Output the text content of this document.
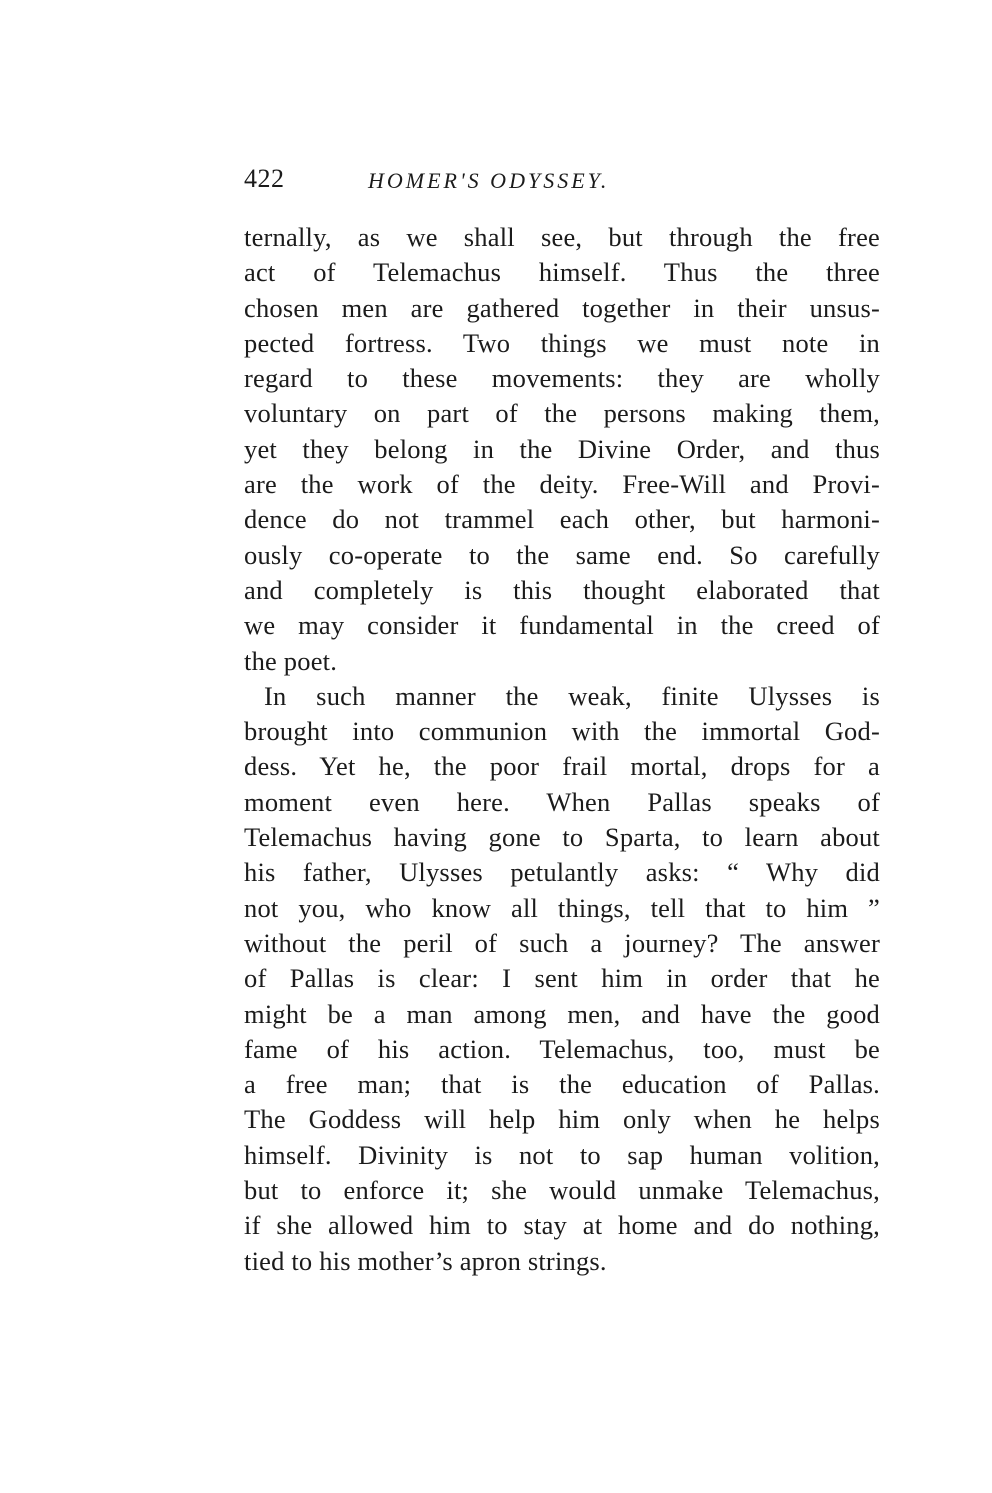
422	HOMER'S ODYSSEY.
ternally, as we shall see, but through the free
act of Telemachus himself. Thus the three
chosen men are gathered together in their unsus-
pected fortress. Two things we must note in
regard to these movements: they are wholly
voluntary on part of the persons making them,
yet they belong in the Divine Order, and thus
are the work of the deity. Free-Will and Provi-
dence do not trammel each other, but harmoni-
ously co-operate to the same end. So carefully
and completely is this thought elaborated that
we may consider it fundamental in the creed of
the poet.
In such manner the weak, finite Ulysses is
brought into communion with the immortal God-
dess. Yet he, the poor frail mortal, drops for a
moment even here. When Pallas speaks of
Telemachus having gone to Sparta, to learn about
his father, Ulysses petulantly asks: “ Why did
not you, who know all things, tell that to him ”
without the peril of such a journey? The answer
of Pallas is clear: I sent him in order that he
might be a man among men, and have the good
fame of his action. Telemachus, too, must be
a free man; that is the education of Pallas.
The Goddess will help him only when he helps
himself. Divinity is not to sap human volition,
but to enforce it; she would unmake Telemachus,
if she allowed him to stay at home and do nothing,
tied to his mother’s apron strings.
